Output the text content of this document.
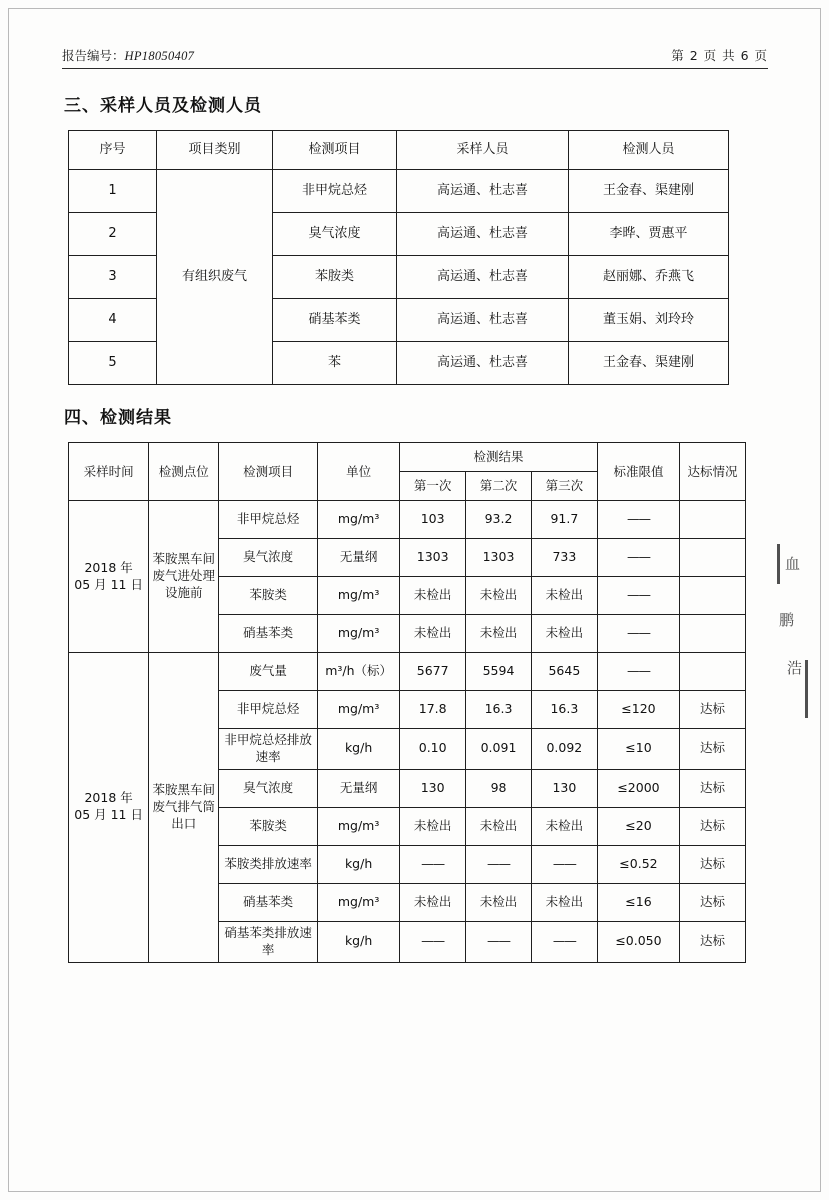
报告编号：HP18050407	第 2 页 共 6 页
三、采样人员及检测人员
序号	项目类别	检测项目	采样人员	检测人员
1	有组织废气	非甲烷总烃	高运通、杜志喜	王金春、渠建刚
2		臭气浓度	高运通、杜志喜	李晔、贾惠平
3		苯胺类	高运通、杜志喜	赵丽娜、乔燕飞
4		硝基苯类	高运通、杜志喜	董玉娟、刘玲玲
5		苯	高运通、杜志喜	王金春、渠建刚
四、检测结果
采样时间	检测点位	检测项目	单位	检测结果			标准限值	达标情况
				第一次	第二次	第三次		

2018 年
05 月 11 日	苯胺黑车间废气进处理设施前	非甲烷总烃	mg/m³	103	93.2	91.7	——	
		臭气浓度	无量纲	1303	1303	733	——	
		苯胺类	mg/m³	未检出	未检出	未检出	——	
		硝基苯类	mg/m³	未检出	未检出	未检出	——	

2018 年
05 月 11 日	苯胺黑车间废气排气筒出口	废气量	m³/h（标）	5677	5594	5645	——	
		非甲烷总烃	mg/m³	17.8	16.3	16.3	≤120	达标
		非甲烷总烃排放速率	kg/h	0.10	0.091	0.092	≤10	达标
		臭气浓度	无量纲	130	98	130	≤2000	达标
		苯胺类	mg/m³	未检出	未检出	未检出	≤20	达标
		苯胺类排放速率	kg/h	——	——	——	≤0.52	达标
		硝基苯类	mg/m³	未检出	未检出	未检出	≤16	达标
		硝基苯类排放速率	kg/h	——	——	——	≤0.050	达标
血
鹏
浩
